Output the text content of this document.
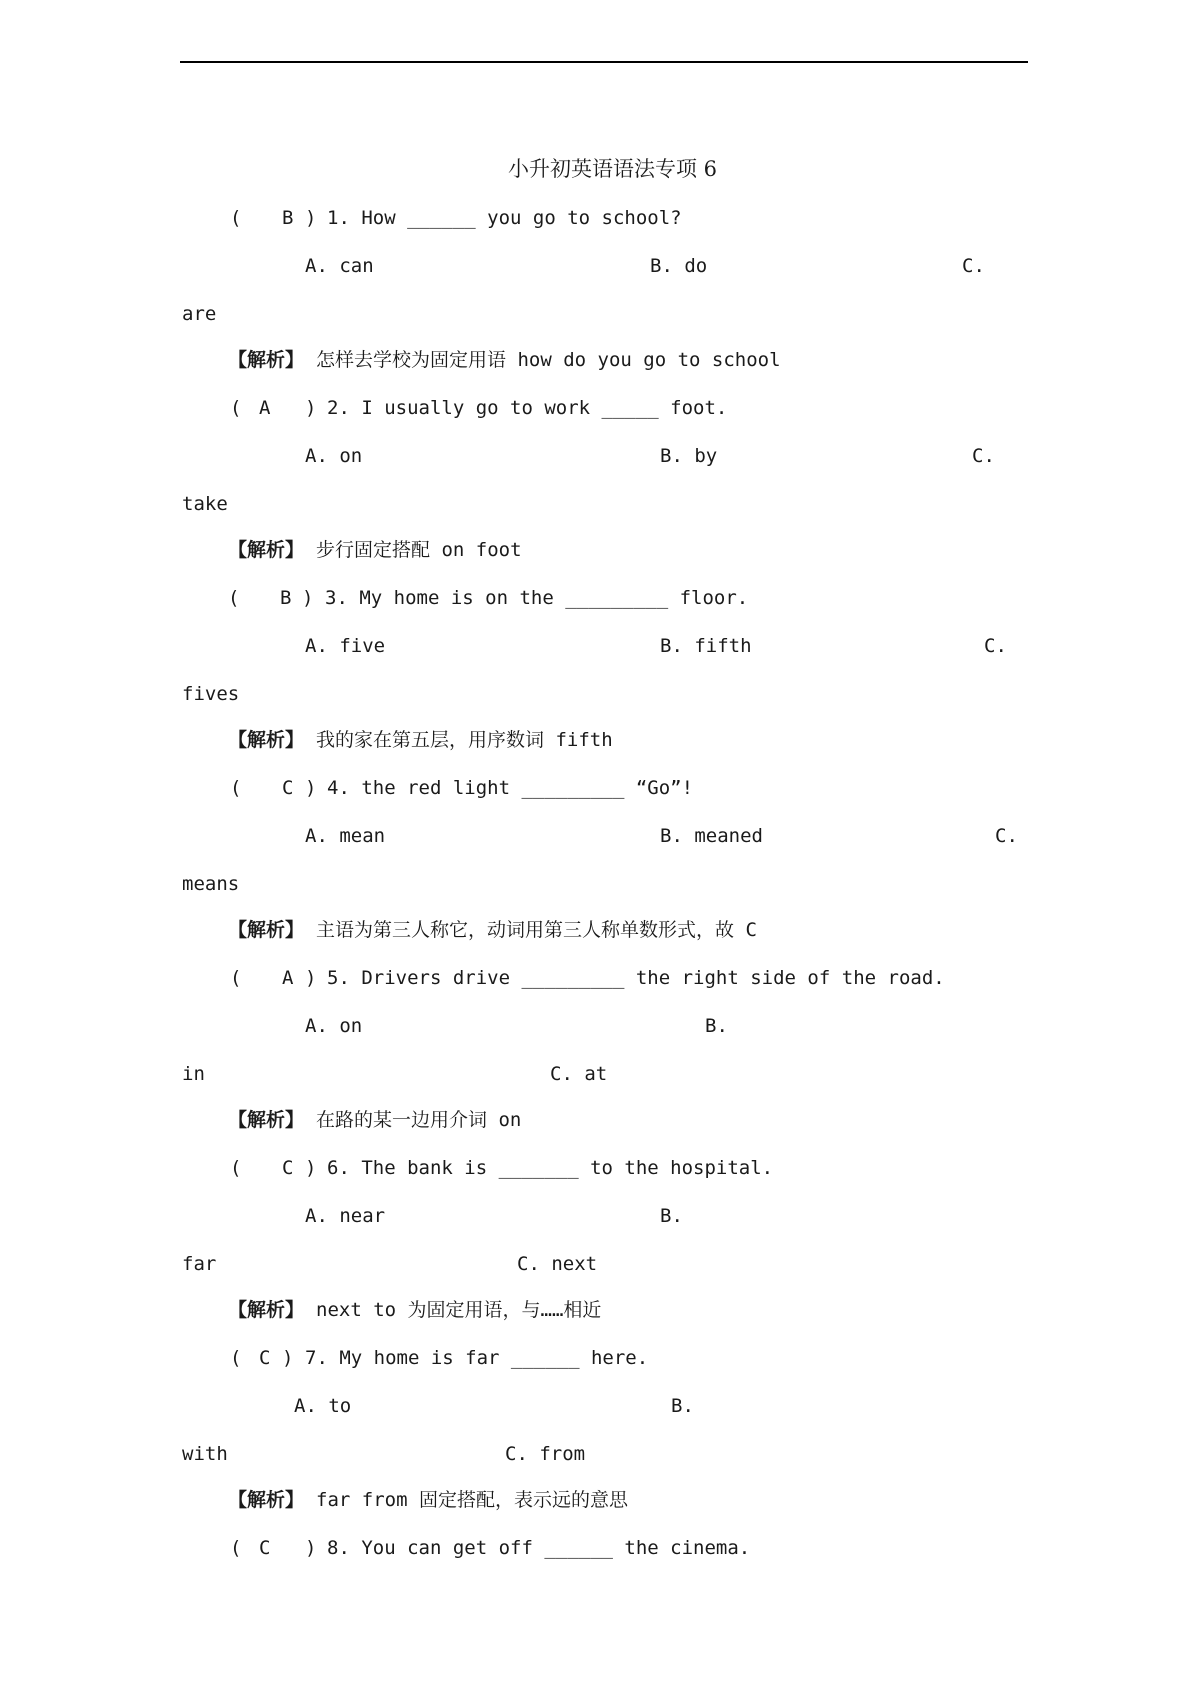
小升初英语语法专项 6
( B ) 1. How ______ you go to school?
A. can	B. do	C.
are
【解析】 怎样去学校为固定用语 how do you go to school
( A ) 2. I usually go to work _____ foot.
A. on	B. by	C.
take
【解析】 步行固定搭配 on foot
( B ) 3. My home is on the _________ floor.
A. five	B. fifth	C.
fives
【解析】 我的家在第五层，用序数词 fifth
( C ) 4. the red light _________ “Go”!
A. mean	B. meaned	C.
means
【解析】 主语为第三人称它，动词用第三人称单数形式，故 C
( A ) 5. Drivers drive _________ the right side of the road.
A. on	B.
in	C. at
【解析】 在路的某一边用介词 on
( C ) 6. The bank is _______ to the hospital.
A. near	B.
far	C. next
【解析】 next to 为固定用语，与……相近
( C ) 7. My home is far ______ here.
A. to	B.
with	C. from
【解析】 far from 固定搭配，表示远的意思
( C ) 8. You can get off ______ the cinema.
